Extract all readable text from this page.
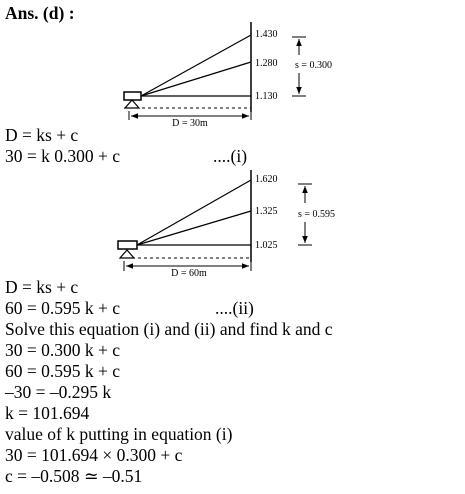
Ans. (d) :
1.430
1.280
1.130
D = 30m
s = 0.300
1.620
1.325
1.025
D = 60m
s = 0.595
D = ks + c
30 = k 0.300 + c	....(i)
D = ks + c
60 = 0.595 k + c	....(ii)
Solve this equation (i) and (ii) and find k and c
30 = 0.300 k + c
60 = 0.595 k + c
–30 = –0.295 k
k = 101.694
value of k putting in equation (i)
30 = 101.694 × 0.300 + c
c = –0.508 ≃ –0.51
